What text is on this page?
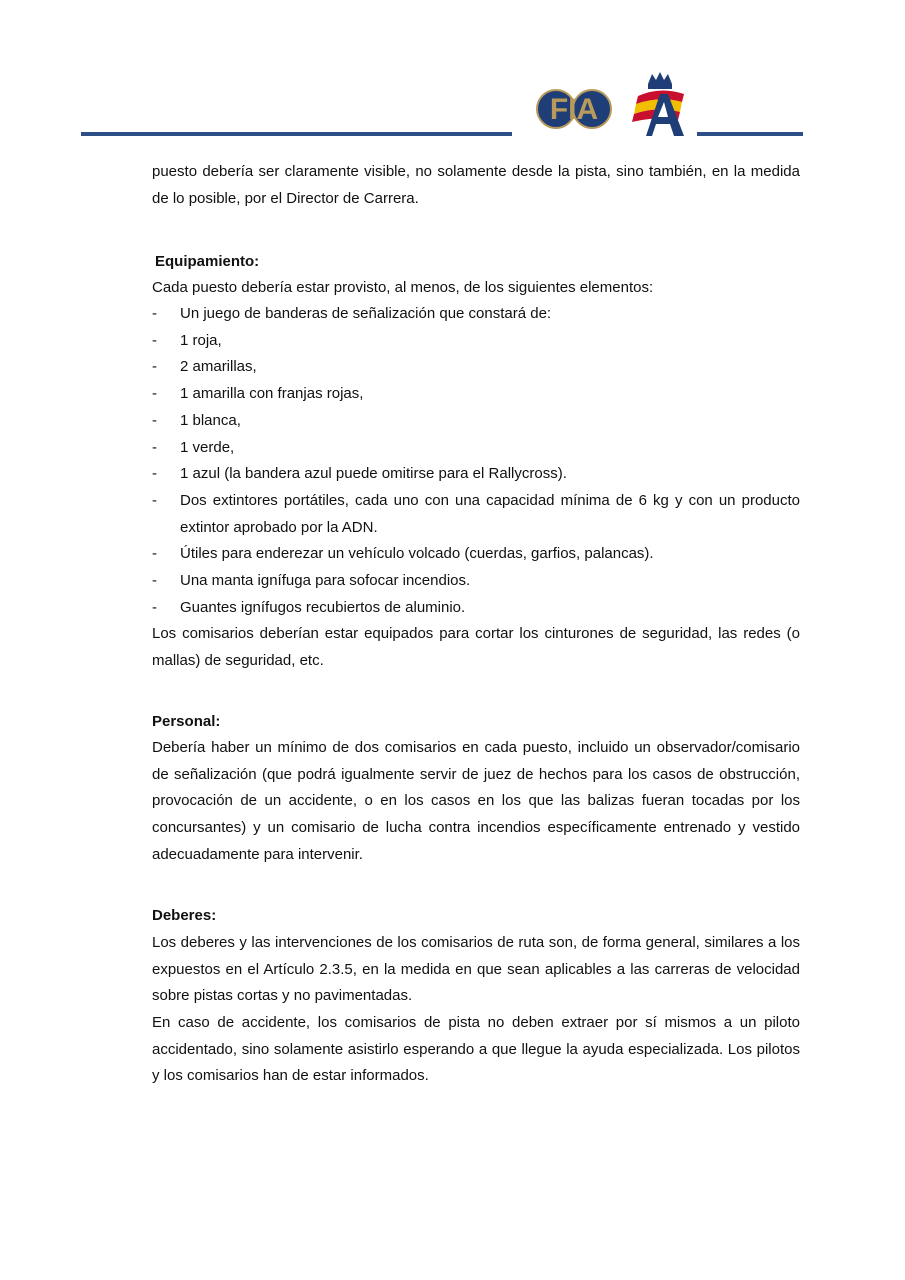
FIA
puesto debería ser claramente visible, no solamente desde la pista, sino también, en la medida de lo posible, por el Director de Carrera.
Equipamiento:
Cada puesto debería estar provisto, al menos, de los siguientes elementos:
- Un juego de banderas de señalización que constará de:
- 1 roja,
- 2 amarillas,
- 1 amarilla con franjas rojas,
- 1 blanca,
- 1 verde,
- 1 azul (la bandera azul puede omitirse para el Rallycross).
- Dos extintores portátiles, cada uno con una capacidad mínima de 6 kg y con un producto extintor aprobado por la ADN.
- Útiles para enderezar un vehículo volcado (cuerdas, garfios, palancas).
- Una manta ignífuga para sofocar incendios.
- Guantes ignífugos recubiertos de aluminio.
Los comisarios deberían estar equipados para cortar los cinturones de seguridad, las redes (o mallas) de seguridad, etc.
Personal:
Debería haber un mínimo de dos comisarios en cada puesto, incluido un observador/comisario de señalización (que podrá igualmente servir de juez de hechos para los casos de obstrucción, provocación de un accidente, o en los casos en los que las balizas fueran tocadas por los concursantes) y un comisario de lucha contra incendios específicamente entrenado y vestido adecuadamente para intervenir.
Deberes:
Los deberes y las intervenciones de los comisarios de ruta son, de forma general, similares a los expuestos en el Artículo 2.3.5, en la medida en que sean aplicables a las carreras de velocidad sobre pistas cortas y no pavimentadas.
En caso de accidente, los comisarios de pista no deben extraer por sí mismos a un piloto accidentado, sino solamente asistirlo esperando a que llegue la ayuda especializada. Los pilotos y los comisarios han de estar informados.
